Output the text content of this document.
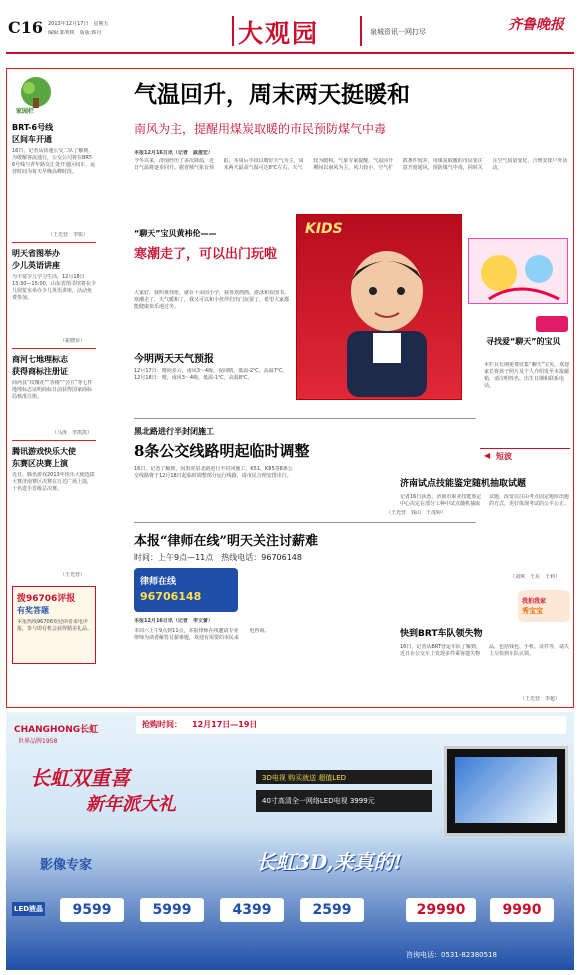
C16 2013年12月17日　星期五
编辑:郭秀树　版版:韩丹	大观园	泉城资讯一网打尽	齐鲁晚报
家园栏
BRT-6号线
区间车开通
16日，记者从快速公交二队了解到，为缓解客流通行，公交公司将在BRT-6号线与青年路交汇处开通区间车，运营时间为每天早晚高峰时段。
（王光营　李锐）
明天省图举办
少儿英语讲座
为丰富少儿学习生活，12月18日13:30—15:00，山东省图书馆将在少儿阅览室举办少儿英语讲座，活动免费参加。
（霍晓菲）
商河七地理标志
获得商标注册证
商河县“玫瑰花”“香椿”“芸豆”等七件地理标志证明商标日前获得国家商标局核准注册。
（马涛　李凯凯）
腾讯游戏快乐大使
东赛区决赛上演
近日，腾讯游戏2013年快乐大使选拔大赛济南赛区决赛在万达广场上演，十名选手晋级总决赛。
（王光营）
拨96706评报
有奖答题
本报热线96706欢迎读者来电评报，参与即有机会获得精美礼品。
气温回升，周末两天挺暖和
南风为主，提醒用煤炭取暖的市民预防煤气中毒
本报12月16日讯（记者　戚滋宏）
今冬以来，济南经历了多次降温，近日气温将逐步回升。据省城气象台预报，本周后半段以晴好天气为主，周末两天最高气温可达8℃左右，天气较为暖和。气象专家提醒，气温回升期间以南风为主，风力较小，空气扩散条件较差，用煤炭取暖的市民要注意开窗通风，预防煤气中毒，同时关注空气质量变化，合理安排户外活动。
KIDS
“聊天”宝贝黄袆伦——
寒潮走了，可以出门玩啦
大家好，我叫黄袆伦，就在十亩园小学，我喜欢画画、游泳和看图书。寒潮走了，天气暖和了，我又可以和小伙伴们出门玩耍了，希望大家都能健康快乐地过冬。
寻找爱“聊天”的宝贝
本栏目长期免费征集“聊天”宝贝，欢迎家长将孩子照片及个人介绍发至本报邮箱，请注明姓名、出生日期和联系电话。
今明两天天气预报
12月17日：晴间多云，南风3～4级，夜间晴，低温-2℃，高温7℃。12月18日：晴，南风3～4级，低温-1℃，高温8℃。
黑北路进行半封闭施工
8条公交线路明起临时调整
16日，记者了解到，因黑虎泉北路进行半封闭施工，K51、K85等8条公交线路将于12月18日起临时调整部分运行线路，请市民合理安排出行。
（王光营　钱山　王茂婷）
本报“律师在线”明天关注讨薪难
时间：上午9点—11点　热线电话：96706148
律师在线
96706148
本报12月16日讯（记者　李文蕾）
本周六上午9点到11点，本报律师在线邀请专业律师为读者解答讨薪难题，欢迎有需要的市民来电咨询。
◀ 短波
济南试点技能鉴定随机抽取试题
记者16日获悉，济南市职业技能鉴定中心决定在部分工种中试点随机抽取试题，改变以往由考点固定题库出题的方式，更好体现考试的公平公正。
（刘爽　王东　王莉）
我拍我家
秀宝宝
快到BRT车队领失物
16日，记者从BRT营运车队了解到，近日在公交车上发现多件乘客遗失物品，包括钱包、手机、证件等，请失主尽快到车队认领。
（王光营　李超）
CHANGHONG长虹
世界品牌1958
抢购时间： 12月17日—19日
长虹双重喜
新年派大礼
3D电视 购买就送 超值LED
40寸高清全一网络LED电视 3999元
影像专家	长虹3D,来真的!
LED液晶	9599	5999	4399	2599	29990	9990
咨询电话：0531-82380518
